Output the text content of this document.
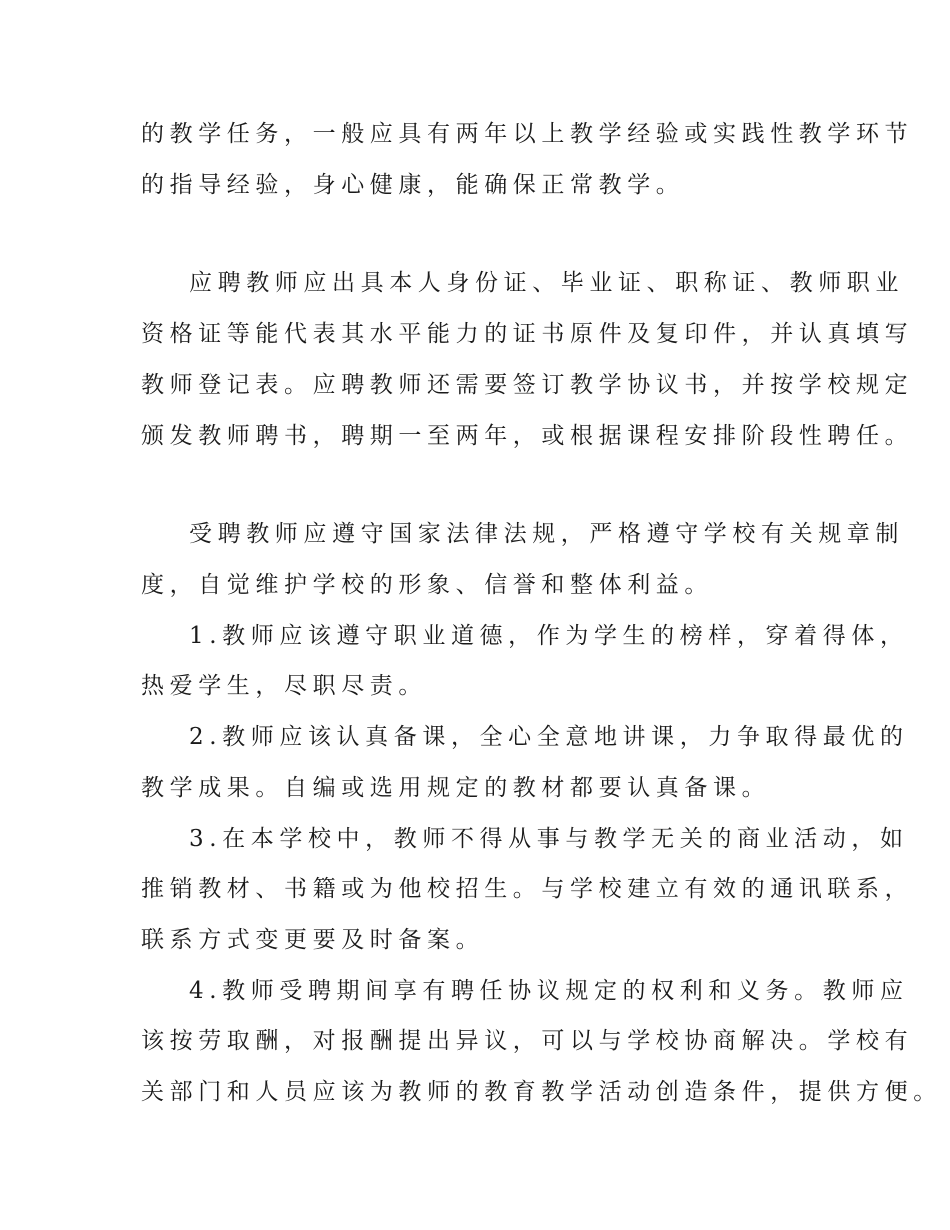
的教学任务，一般应具有两年以上教学经验或实践性教学环节
的指导经验，身心健康，能确保正常教学。
应聘教师应出具本人身份证、毕业证、职称证、教师职业
资格证等能代表其水平能力的证书原件及复印件，并认真填写
教师登记表。应聘教师还需要签订教学协议书，并按学校规定
颁发教师聘书，聘期一至两年，或根据课程安排阶段性聘任。
受聘教师应遵守国家法律法规，严格遵守学校有关规章制
度，自觉维护学校的形象、信誉和整体利益。
1.教师应该遵守职业道德，作为学生的榜样，穿着得体，
热爱学生，尽职尽责。
2.教师应该认真备课，全心全意地讲课，力争取得最优的
教学成果。自编或选用规定的教材都要认真备课。
3.在本学校中，教师不得从事与教学无关的商业活动，如
推销教材、书籍或为他校招生。与学校建立有效的通讯联系，
联系方式变更要及时备案。
4.教师受聘期间享有聘任协议规定的权利和义务。教师应
该按劳取酬，对报酬提出异议，可以与学校协商解决。学校有
关部门和人员应该为教师的教育教学活动创造条件，提供方便。
